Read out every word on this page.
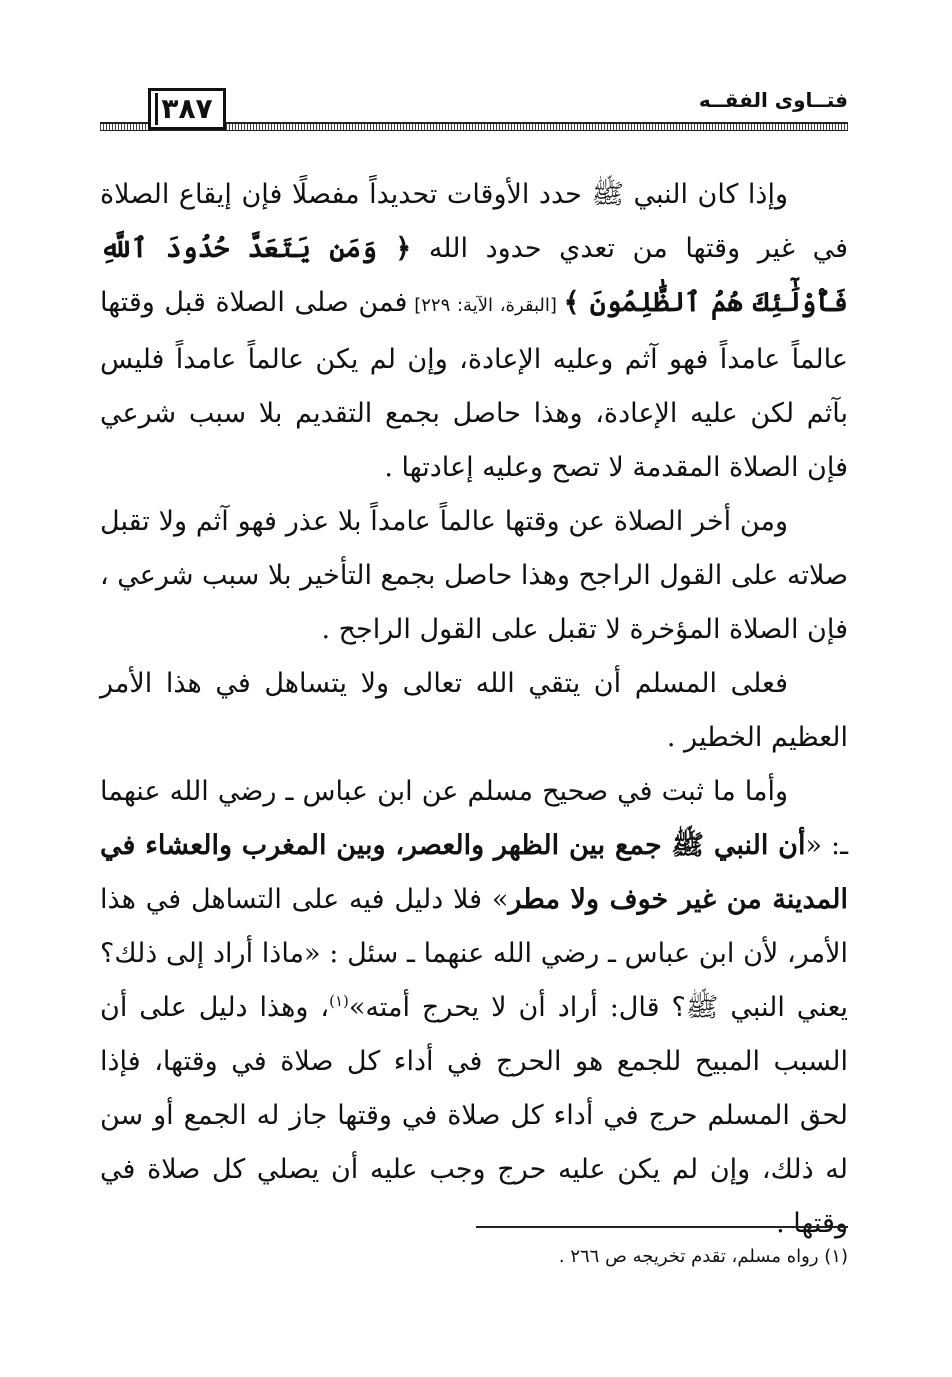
٣٨٧	فتــاوى الفقــه

وإذا كان النبي ﷺ حدد الأوقات تحديداً مفصلًا فإن إيقاع الصلاة في غير وقتها من تعدي حدود الله ﴿ وَمَن يَتَعَدَّ حُدُودَ ٱللَّهِ فَأُوْلَٰٓئِكَ هُمُ ٱلظَّٰلِمُونَ ﴾ [البقرة، الآية: ٢٢٩] فمن صلى الصلاة قبل وقتها عالماً عامداً فهو آثم وعليه الإعادة، وإن لم يكن عالماً عامداً فليس بآثم لكن عليه الإعادة، وهذا حاصل بجمع التقديم بلا سبب شرعي فإن الصلاة المقدمة لا تصح وعليه إعادتها .

ومن أخر الصلاة عن وقتها عالماً عامداً بلا عذر فهو آثم ولا تقبل صلاته على القول الراجح وهذا حاصل بجمع التأخير بلا سبب شرعي ، فإن الصلاة المؤخرة لا تقبل على القول الراجح .

فعلى المسلم أن يتقي الله تعالى ولا يتساهل في هذا الأمر العظيم الخطير .

وأما ما ثبت في صحيح مسلم عن ابن عباس ـ رضي الله عنهما ـ: «أن النبي ﷺ جمع بين الظهر والعصر، وبين المغرب والعشاء في المدينة من غير خوف ولا مطر» فلا دليل فيه على التساهل في هذا الأمر، لأن ابن عباس ـ رضي الله عنهما ـ سئل : «ماذا أراد إلى ذلك؟ يعني النبي ﷺ؟ قال: أراد أن لا يحرج أمته»$^{(١)}$، وهذا دليل على أن السبب المبيح للجمع هو الحرج في أداء كل صلاة في وقتها، فإذا لحق المسلم حرج في أداء كل صلاة في وقتها جاز له الجمع أو سن له ذلك، وإن لم يكن عليه حرج وجب عليه أن يصلي كل صلاة في وقتها .

(١) رواه مسلم، تقدم تخريجه ص ٢٦٦ .
